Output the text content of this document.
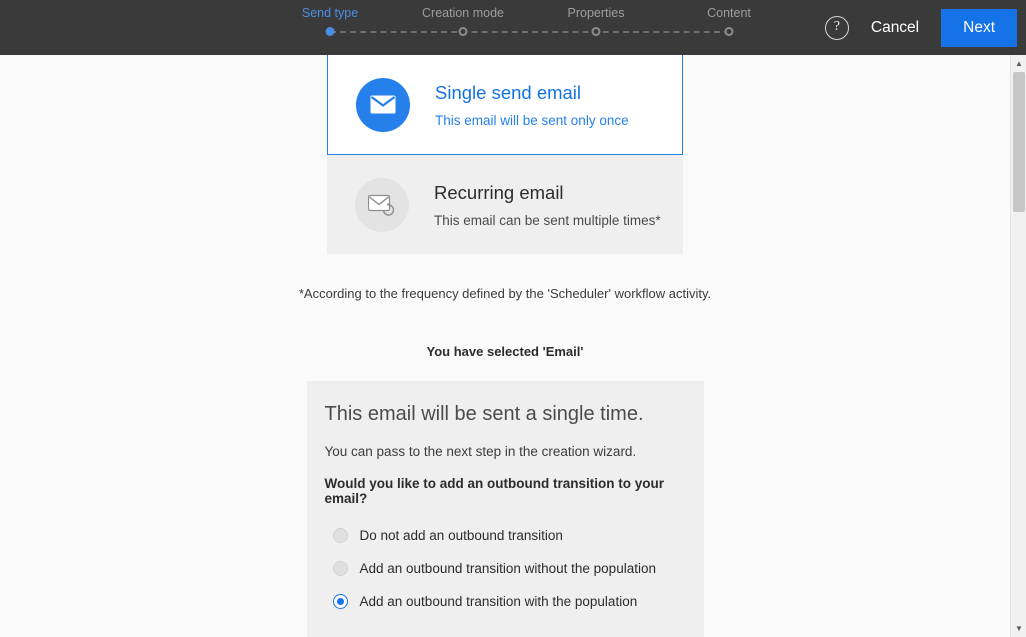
Send type	Creation mode	Properties	Content
?	Cancel	Next
Single send email
This email will be sent only once
Recurring email
This email can be sent multiple times*
*According to the frequency defined by the 'Scheduler' workflow activity.
You have selected 'Email'
This email will be sent a single time.

You can pass to the next step in the creation wizard.

Would you like to add an outbound transition to your email?

Do not add an outbound transition
Add an outbound transition without the population
Add an outbound transition with the population
▲
▼
